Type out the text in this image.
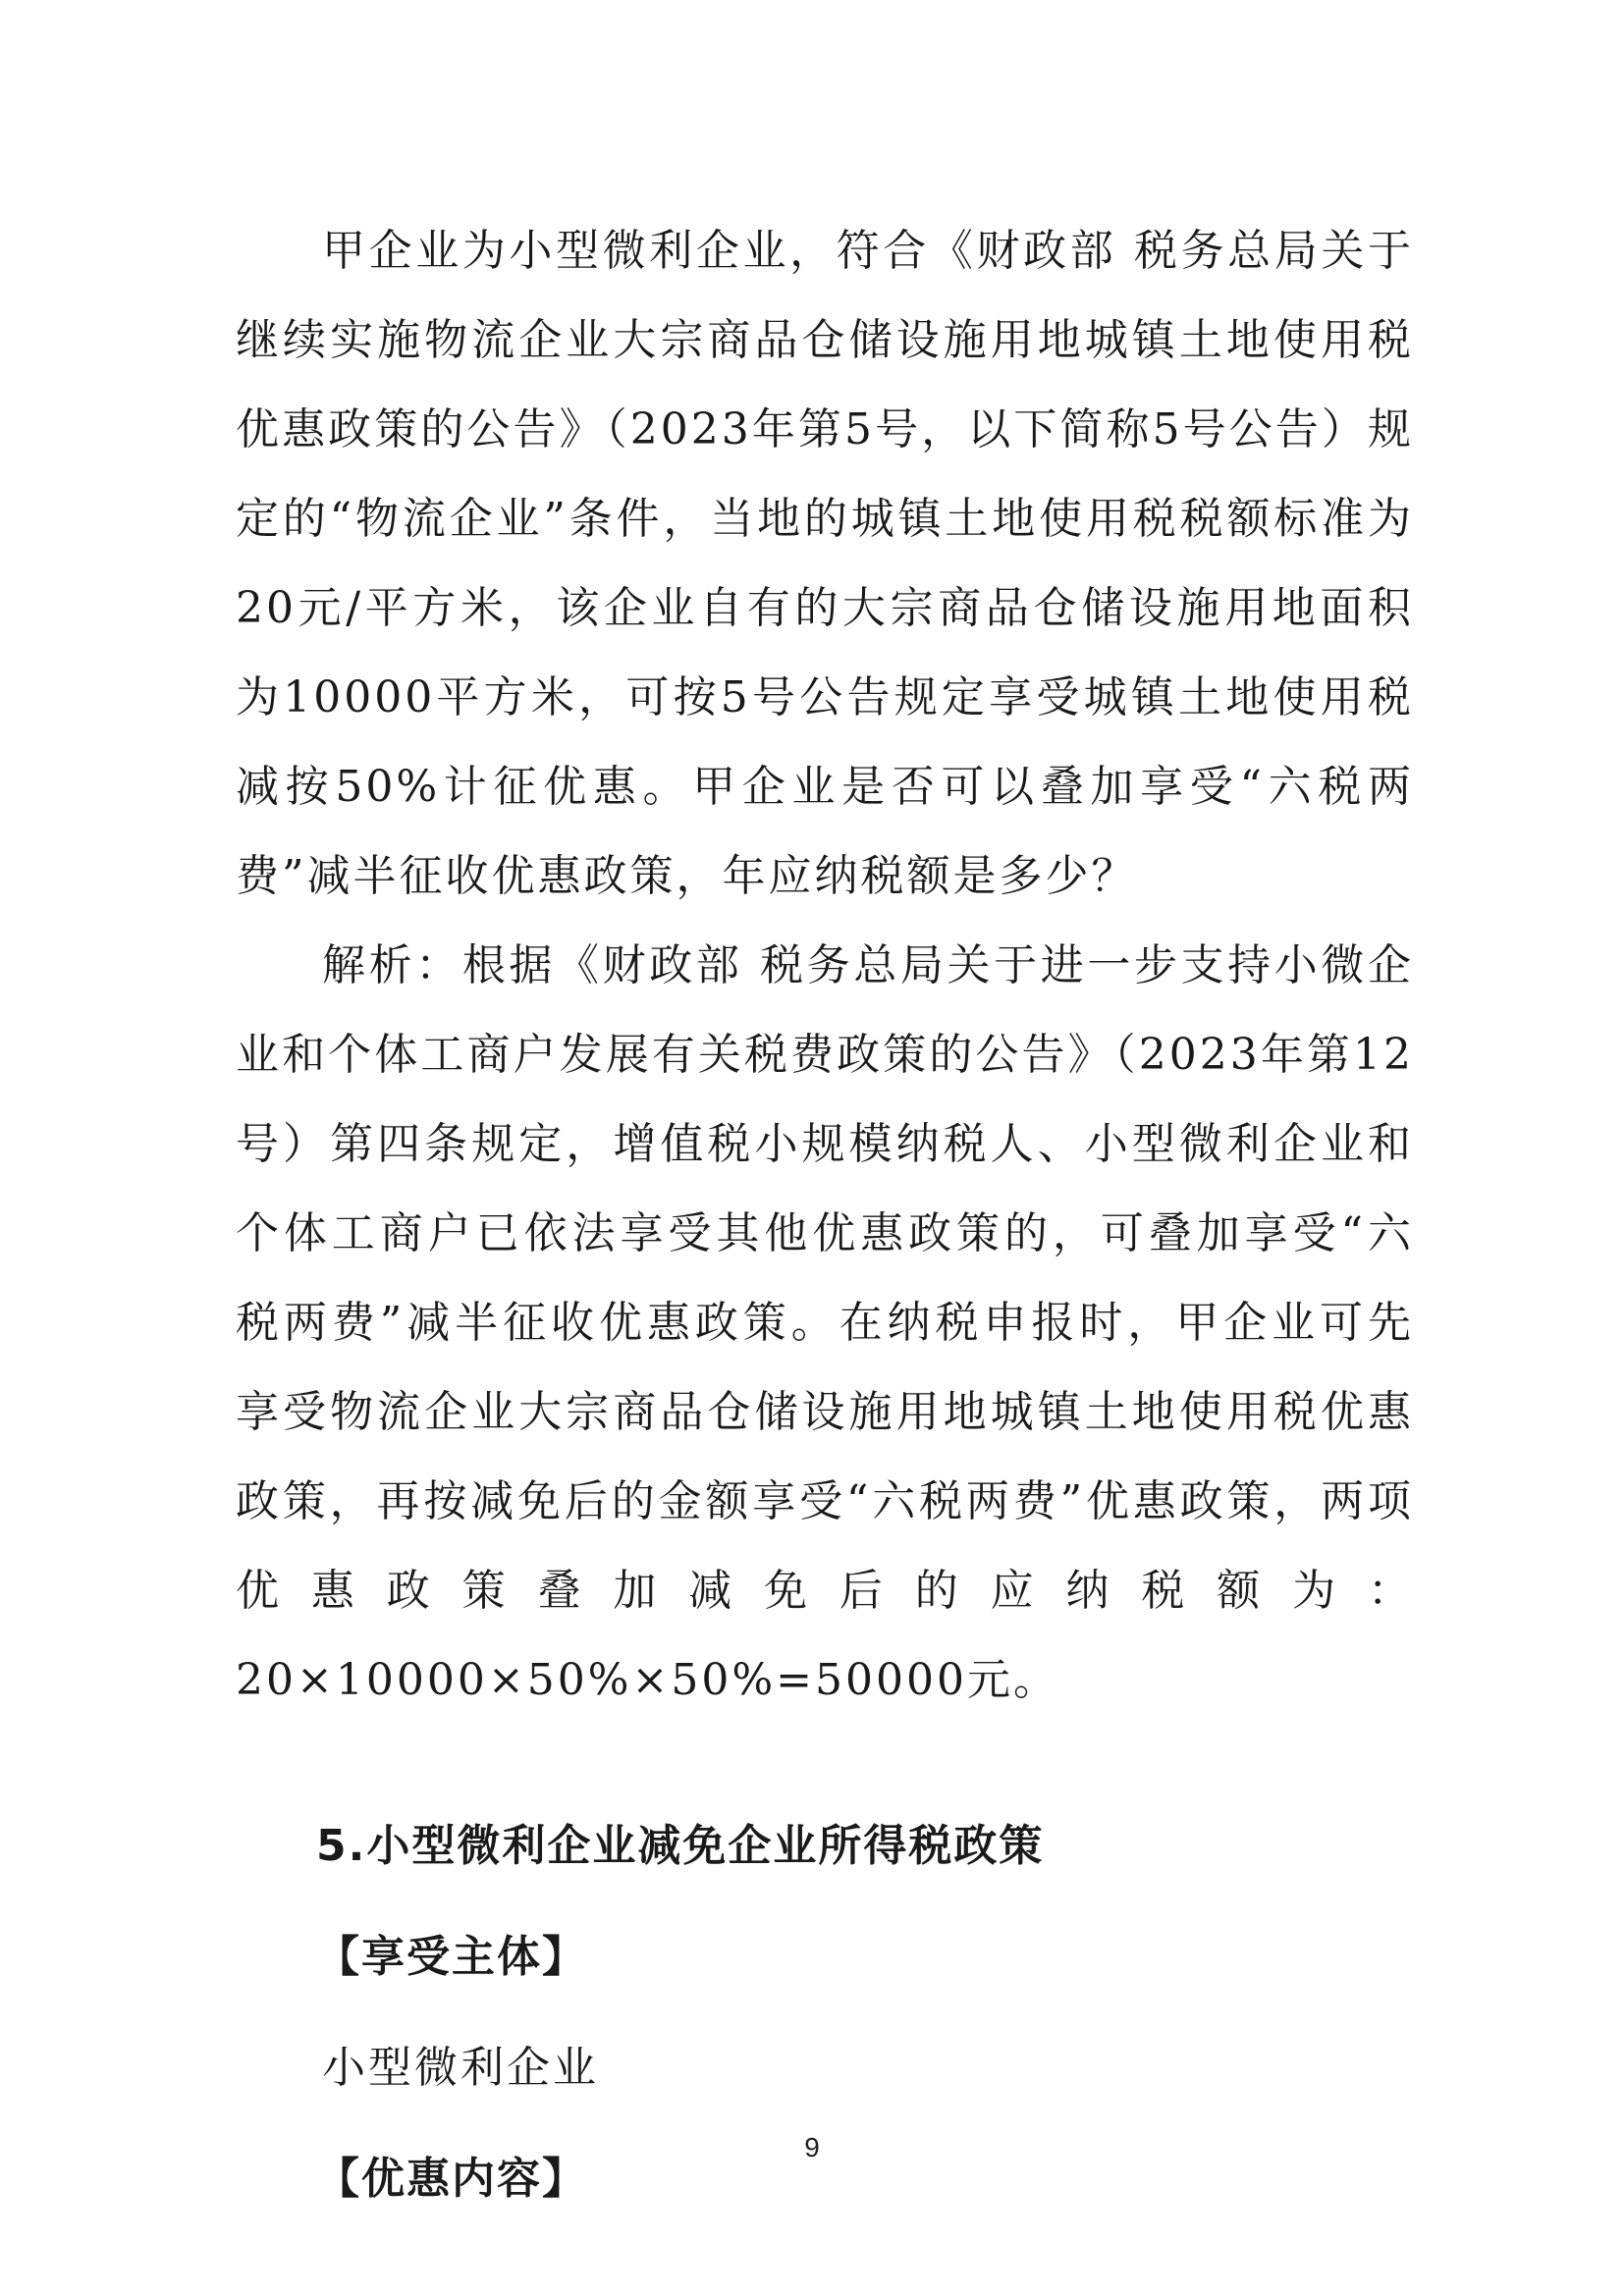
甲企业为小型微利企业，符合《财政部 税务总局关于继续实施物流企业大宗商品仓储设施用地城镇土地使用税优惠政策的公告》（2023年第5号，以下简称5号公告）规定的“物流企业”条件，当地的城镇土地使用税税额标准为20元/平方米，该企业自有的大宗商品仓储设施用地面积为10000平方米，可按5号公告规定享受城镇土地使用税减按50%计征优惠。甲企业是否可以叠加享受“六税两费”减半征收优惠政策，年应纳税额是多少？

解析：根据《财政部 税务总局关于进一步支持小微企业和个体工商户发展有关税费政策的公告》（2023年第12号）第四条规定，增值税小规模纳税人、小型微利企业和个体工商户已依法享受其他优惠政策的，可叠加享受“六税两费”减半征收优惠政策。在纳税申报时，甲企业可先享受物流企业大宗商品仓储设施用地城镇土地使用税优惠政策，再按减免后的金额享受“六税两费”优惠政策，两项优惠政策叠加减免后的应纳税额为：20×10000×50%×50%=50000元。

5.小型微利企业减免企业所得税政策
【享受主体】
小型微利企业
【优惠内容】
9
